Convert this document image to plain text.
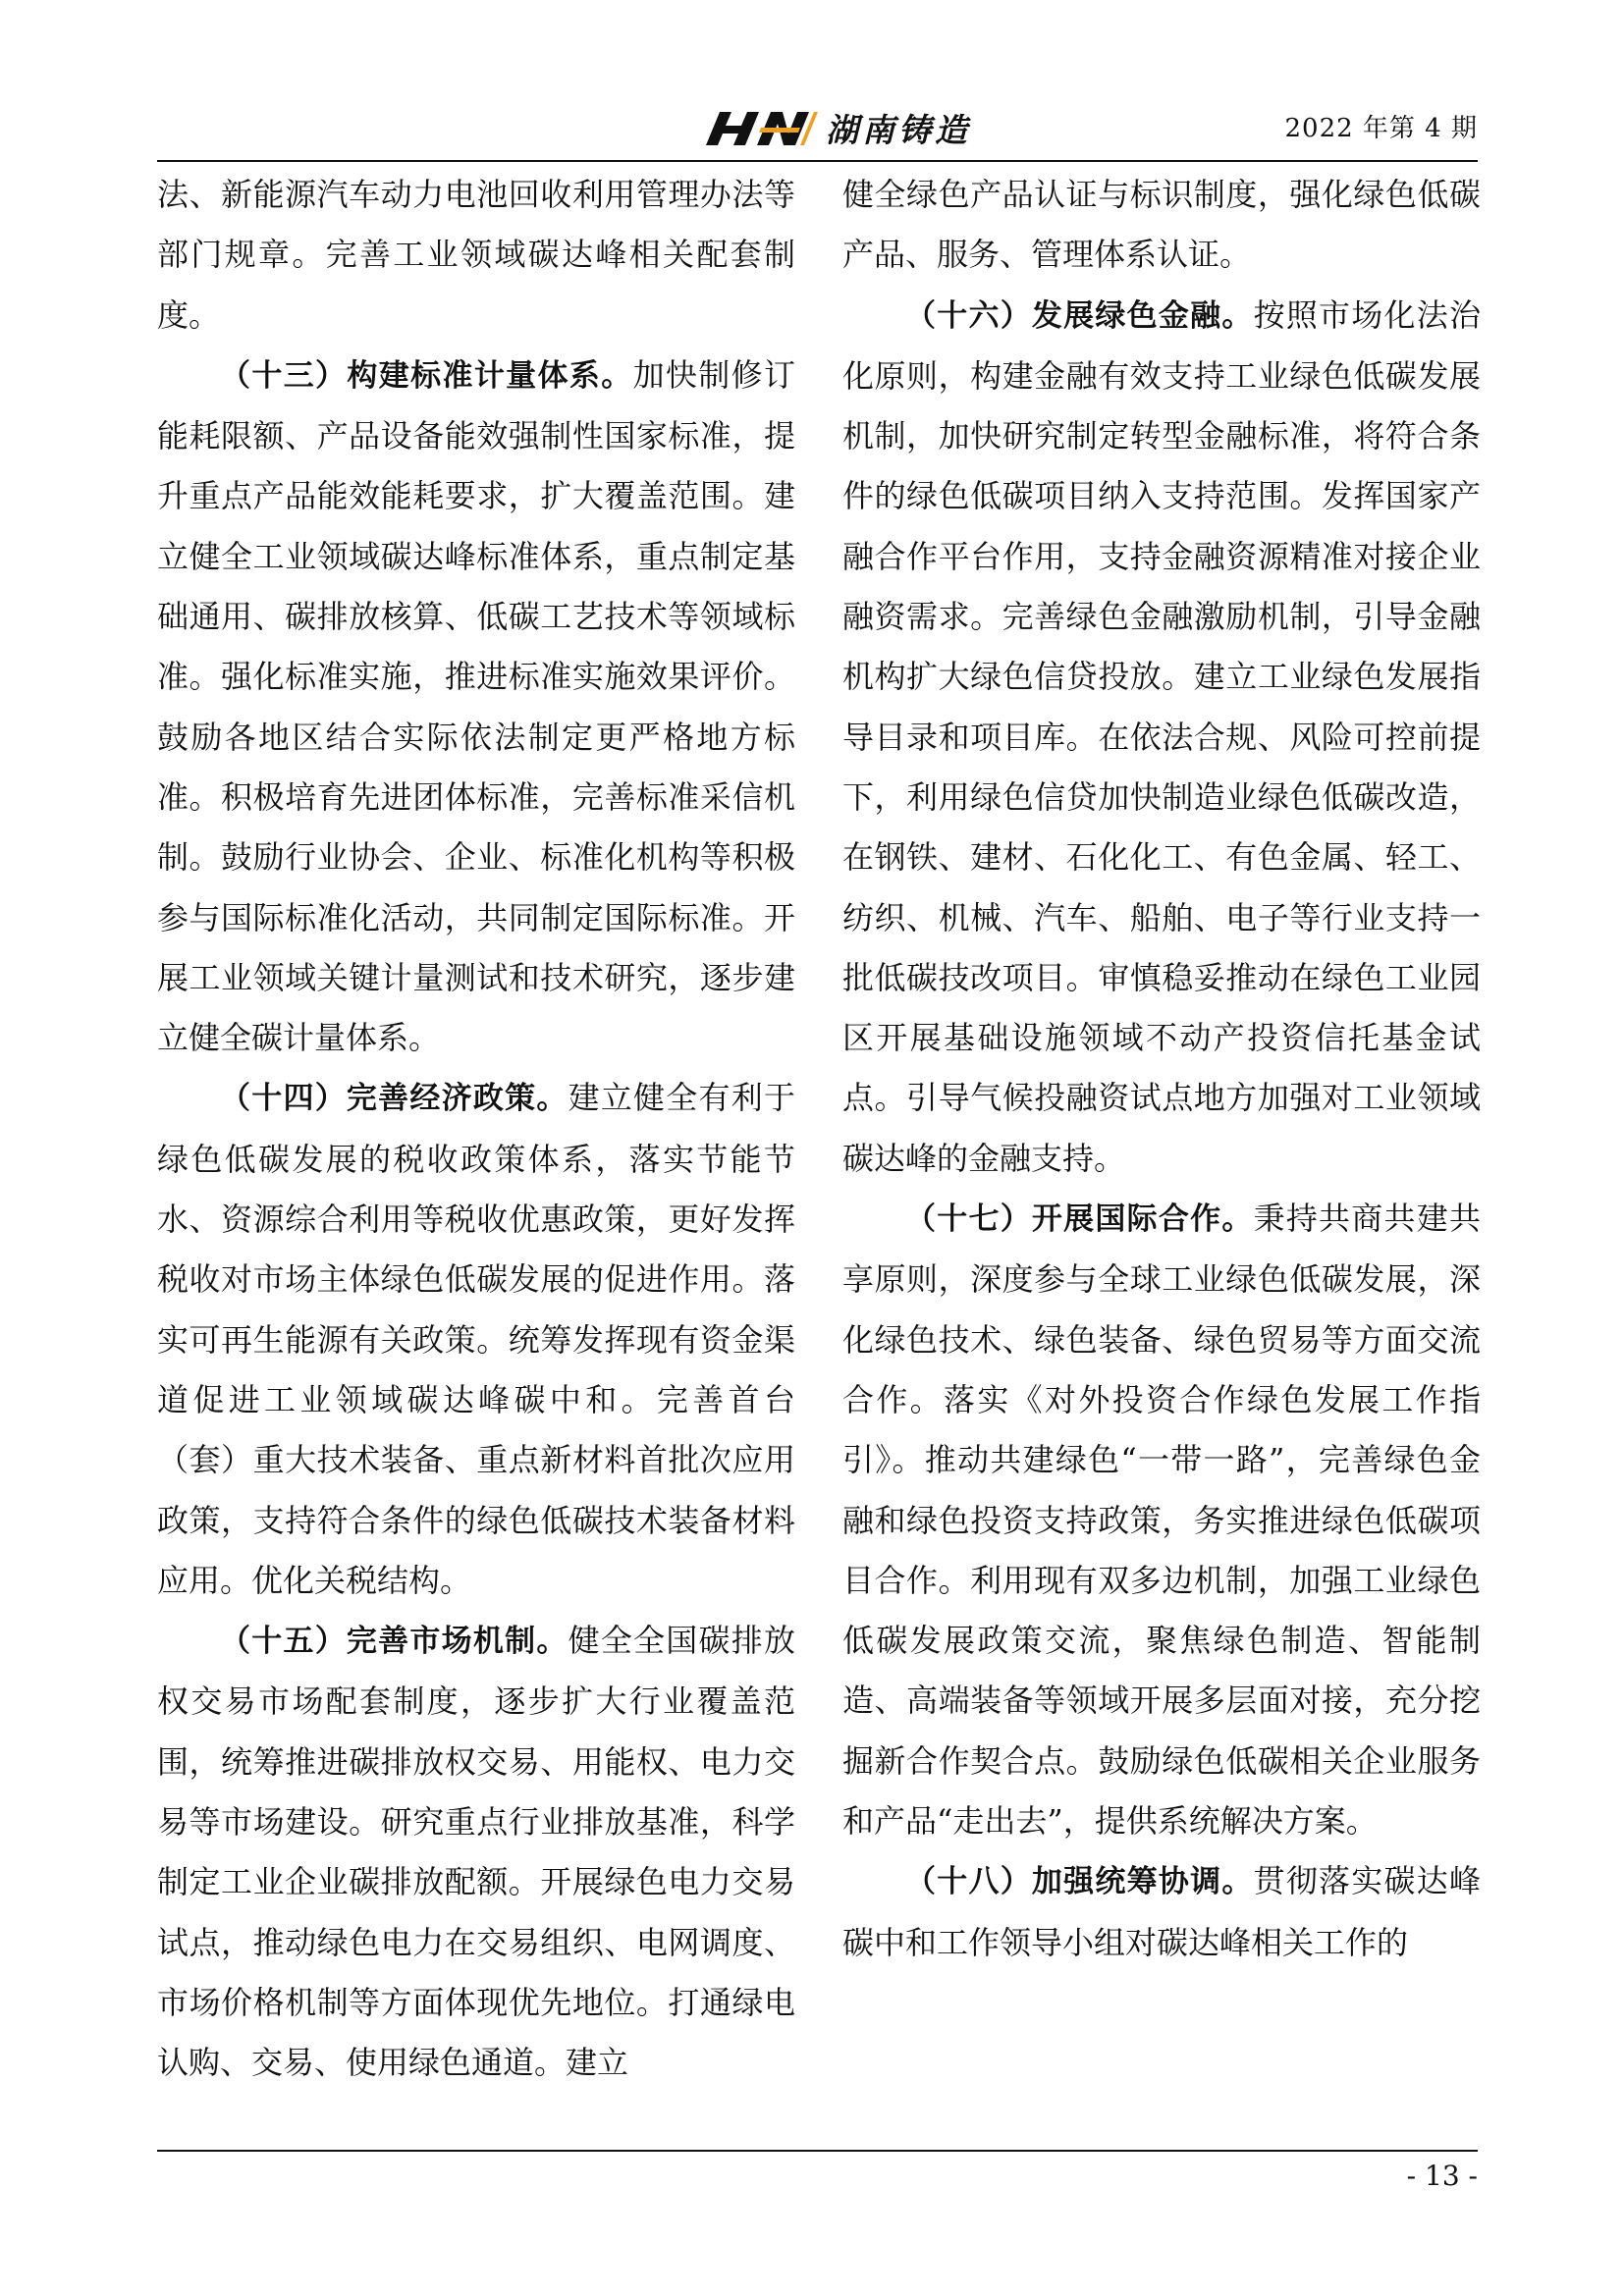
湖南铸造	2022 年第 4 期

法、新能源汽车动力电池回收利用管理办法等部门规章。完善工业领域碳达峰相关配套制度。

（十三）构建标准计量体系。加快制修订能耗限额、产品设备能效强制性国家标准，提升重点产品能效能耗要求，扩大覆盖范围。建立健全工业领域碳达峰标准体系，重点制定基础通用、碳排放核算、低碳工艺技术等领域标准。强化标准实施，推进标准实施效果评价。鼓励各地区结合实际依法制定更严格地方标准。积极培育先进团体标准，完善标准采信机制。鼓励行业协会、企业、标准化机构等积极参与国际标准化活动，共同制定国际标准。开展工业领域关键计量测试和技术研究，逐步建立健全碳计量体系。

（十四）完善经济政策。建立健全有利于绿色低碳发展的税收政策体系，落实节能节水、资源综合利用等税收优惠政策，更好发挥税收对市场主体绿色低碳发展的促进作用。落实可再生能源有关政策。统筹发挥现有资金渠道促进工业领域碳达峰碳中和。完善首台（套）重大技术装备、重点新材料首批次应用政策，支持符合条件的绿色低碳技术装备材料应用。优化关税结构。

（十五）完善市场机制。健全全国碳排放权交易市场配套制度，逐步扩大行业覆盖范围，统筹推进碳排放权交易、用能权、电力交易等市场建设。研究重点行业排放基准，科学制定工业企业碳排放配额。开展绿色电力交易试点，推动绿色电力在交易组织、电网调度、市场价格机制等方面体现优先地位。打通绿电认购、交易、使用绿色通道。建立

健全绿色产品认证与标识制度，强化绿色低碳产品、服务、管理体系认证。

（十六）发展绿色金融。按照市场化法治化原则，构建金融有效支持工业绿色低碳发展机制，加快研究制定转型金融标准，将符合条件的绿色低碳项目纳入支持范围。发挥国家产融合作平台作用，支持金融资源精准对接企业融资需求。完善绿色金融激励机制，引导金融机构扩大绿色信贷投放。建立工业绿色发展指导目录和项目库。在依法合规、风险可控前提下，利用绿色信贷加快制造业绿色低碳改造，在钢铁、建材、石化化工、有色金属、轻工、纺织、机械、汽车、船舶、电子等行业支持一批低碳技改项目。审慎稳妥推动在绿色工业园区开展基础设施领域不动产投资信托基金试点。引导气候投融资试点地方加强对工业领域碳达峰的金融支持。

（十七）开展国际合作。秉持共商共建共享原则，深度参与全球工业绿色低碳发展，深化绿色技术、绿色装备、绿色贸易等方面交流合作。落实《对外投资合作绿色发展工作指引》。推动共建绿色“一带一路”，完善绿色金融和绿色投资支持政策，务实推进绿色低碳项目合作。利用现有双多边机制，加强工业绿色低碳发展政策交流，聚焦绿色制造、智能制造、高端装备等领域开展多层面对接，充分挖掘新合作契合点。鼓励绿色低碳相关企业服务和产品“走出去”，提供系统解决方案。

（十八）加强统筹协调。贯彻落实碳达峰碳中和工作领导小组对碳达峰相关工作的

- 13 -
